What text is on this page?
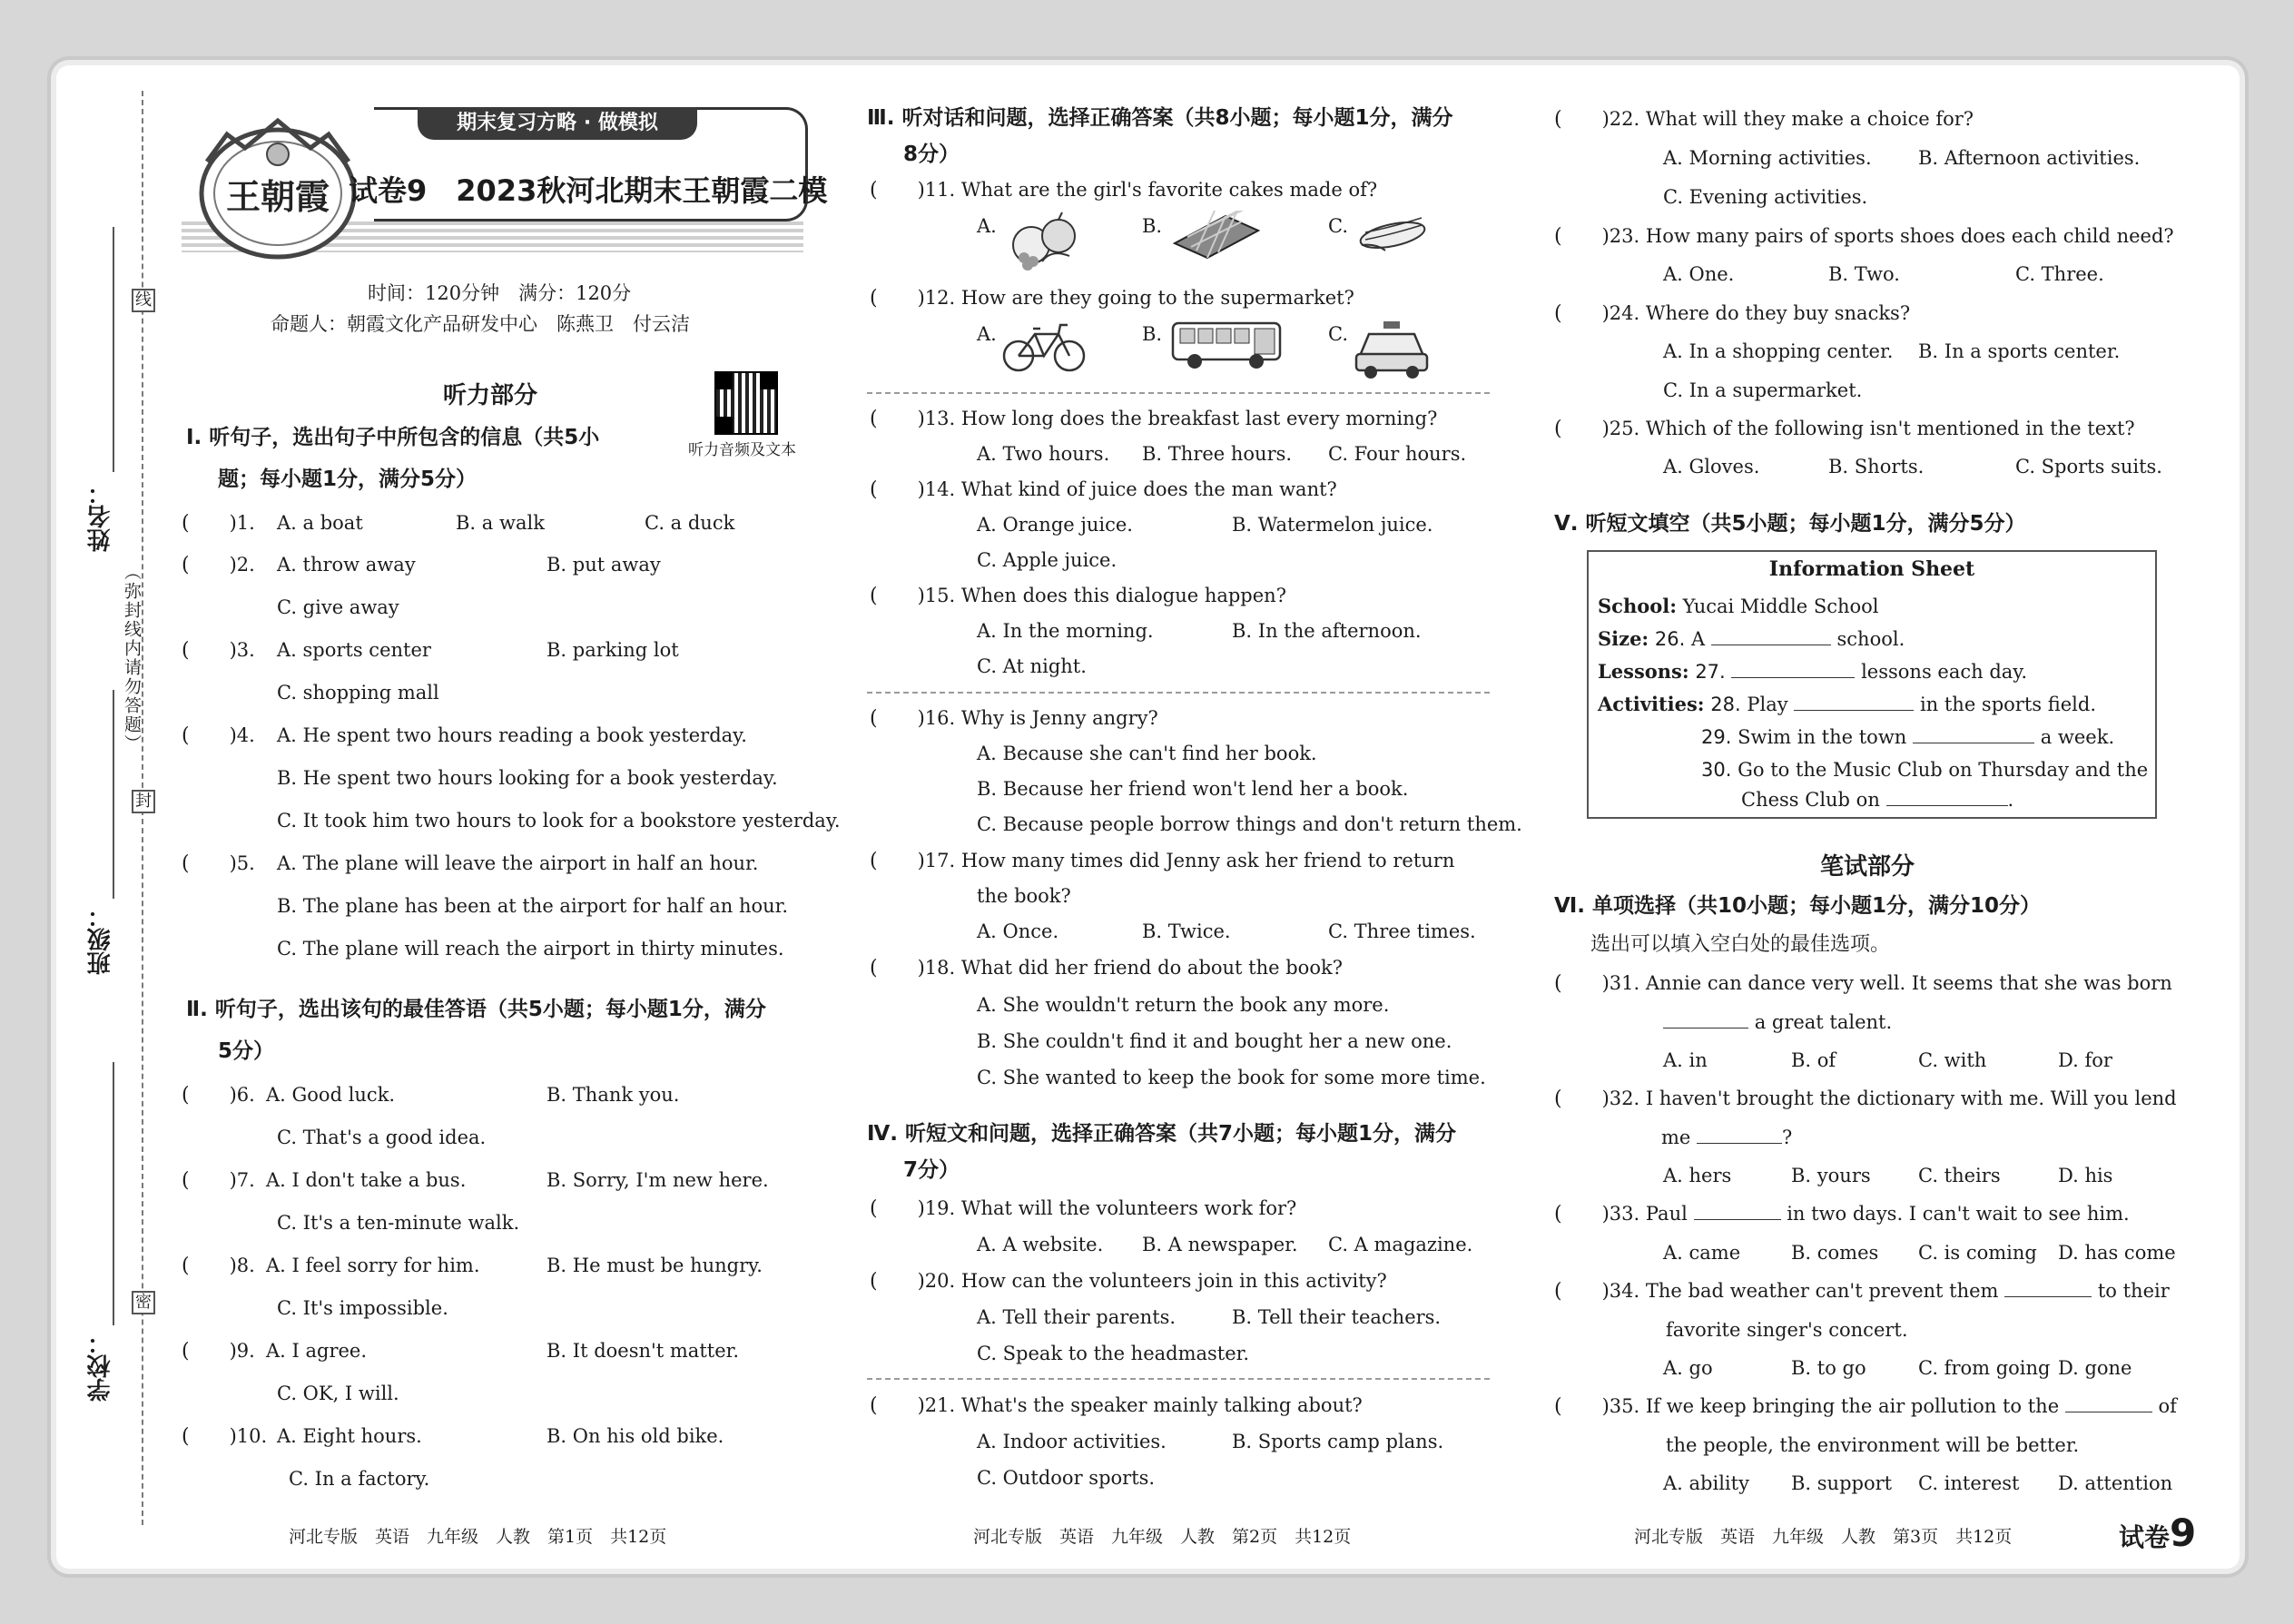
线
封
密
姓名：
班级：
学校：
（弥封线内请勿答题）
王朝霞
期末复习方略 · 做模拟
试卷9　2023秋河北期末王朝霞二模
时间：120分钟　满分：120分
命题人：朝霞文化产品研发中心　陈燕卫　付云洁
听力音频及文本
听力部分
Ⅰ. 听句子，选出句子中所包含的信息（共5小
题；每小题1分，满分5分）
( )1. A. a boat	B. a walk	C. a duck
( )2. A. throw away	B. put away
C. give away
( )3. A. sports center	B. parking lot
C. shopping mall
( )4. A. He spent two hours reading a book yesterday.
B. He spent two hours looking for a book yesterday.
C. It took him two hours to look for a bookstore yesterday.
( )5. A. The plane will leave the airport in half an hour.
B. The plane has been at the airport for half an hour.
C. The plane will reach the airport in thirty minutes.
Ⅱ. 听句子，选出该句的最佳答语（共5小题；每小题1分，满分
5分）
( )6. A. Good luck.	B. Thank you.
C. That's a good idea.
( )7. A. I don't take a bus.	B. Sorry, I'm new here.
C. It's a ten-minute walk.
( )8. A. I feel sorry for him.	B. He must be hungry.
C. It's impossible.
( )9. A. I agree.	B. It doesn't matter.
C. OK, I will.
( )10. A. Eight hours.	B. On his old bike.
C. In a factory.
Ⅲ. 听对话和问题，选择正确答案（共8小题；每小题1分，满分
8分）
( )11. What are the girl's favorite cakes made of?
A.	B.	C.
( )12. How are they going to the supermarket?
A.	B.	C.
( )13. How long does the breakfast last every morning?
A. Two hours. B. Three hours. C. Four hours.
( )14. What kind of juice does the man want?
A. Orange juice.	B. Watermelon juice.
C. Apple juice.
( )15. When does this dialogue happen?
A. In the morning.	B. In the afternoon.
C. At night.
( )16. Why is Jenny angry?
A. Because she can't find her book.
B. Because her friend won't lend her a book.
C. Because people borrow things and don't return them.
( )17. How many times did Jenny ask her friend to return
the book?
A. Once.	B. Twice.	C. Three times.
( )18. What did her friend do about the book?
A. She wouldn't return the book any more.
B. She couldn't find it and bought her a new one.
C. She wanted to keep the book for some more time.
Ⅳ. 听短文和问题，选择正确答案（共7小题；每小题1分，满分
7分）
( )19. What will the volunteers work for?
A. A website. B. A newspaper. C. A magazine.
( )20. How can the volunteers join in this activity?
A. Tell their parents.	B. Tell their teachers.
C. Speak to the headmaster.
( )21. What's the speaker mainly talking about?
A. Indoor activities.	B. Sports camp plans.
C. Outdoor sports.
( )22. What will they make a choice for?
A. Morning activities. B. Afternoon activities.
C. Evening activities.
( )23. How many pairs of sports shoes does each child need?
A. One.	B. Two.	C. Three.
( )24. Where do they buy snacks?
A. In a shopping center. B. In a sports center.
C. In a supermarket.
( )25. Which of the following isn't mentioned in the text?
A. Gloves.	B. Shorts.	C. Sports suits.
Ⅴ. 听短文填空（共5小题；每小题1分，满分5分）
Information Sheet
School: Yucai Middle School
Size: 26. A	school.
Lessons: 27.	lessons each day.
Activities: 28. Play	in the sports field.
29. Swim in the town	a week.
30. Go to the Music Club on Thursday and the
Chess Club on	.
笔试部分
Ⅵ. 单项选择（共10小题；每小题1分，满分10分）
选出可以填入空白处的最佳选项。
( )31. Annie can dance very well. It seems that she was born
a great talent.
A. in	B. of	C. with	D. for
( )32. I haven't brought the dictionary with me. Will you lend
me	?
A. hers	B. yours C. theirs	D. his
( )33. Paul	in two days. I can't wait to see him.
A. came	B. comes C. is coming D. has come
( )34. The bad weather can't prevent them	to their
favorite singer's concert.
A. go	B. to go	C. from going D. gone
( )35. If we keep bringing the air pollution to the	of
the people, the environment will be better.
A. ability B. support C. interest D. attention
河北专版　英语　九年级　人教　第1页　共12页	河北专版　英语　九年级　人教　第2页　共12页	河北专版　英语　九年级　人教　第3页　共12页	试卷9
